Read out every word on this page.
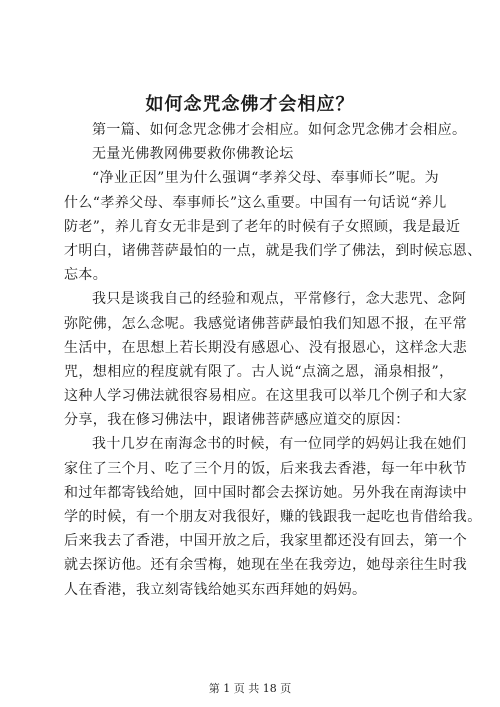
如何念咒念佛才会相应？
第一篇、如何念咒念佛才会相应。如何念咒念佛才会相应。
无量光佛教网佛要救你佛教论坛
“净业正因”里为什么强调“孝养父母、奉事师长”呢。为
什么“孝养父母、奉事师长”这么重要。中国有一句话说“养儿
防老”，养儿育女无非是到了老年的时候有子女照顾，我是最近
才明白，诸佛菩萨最怕的一点，就是我们学了佛法，到时候忘恩、
忘本。
我只是谈我自己的经验和观点，平常修行，念大悲咒、念阿
弥陀佛，怎么念呢。我感觉诸佛菩萨最怕我们知恩不报，在平常
生活中，在思想上若长期没有感恩心、没有报恩心，这样念大悲
咒，想相应的程度就有限了。古人说“点滴之恩，涌泉相报”，
这种人学习佛法就很容易相应。在这里我可以举几个例子和大家
分享，我在修习佛法中，跟诸佛菩萨感应道交的原因：
我十几岁在南海念书的时候，有一位同学的妈妈让我在她们
家住了三个月、吃了三个月的饭，后来我去香港，每一年中秋节
和过年都寄钱给她，回中国时都会去探访她。另外我在南海读中
学的时候，有一个朋友对我很好，赚的钱跟我一起吃也肯借给我。
后来我去了香港，中国开放之后，我家里都还没有回去，第一个
就去探访他。还有余雪梅，她现在坐在我旁边，她母亲往生时我
人在香港，我立刻寄钱给她买东西拜她的妈妈。
第 1 页 共 18 页
